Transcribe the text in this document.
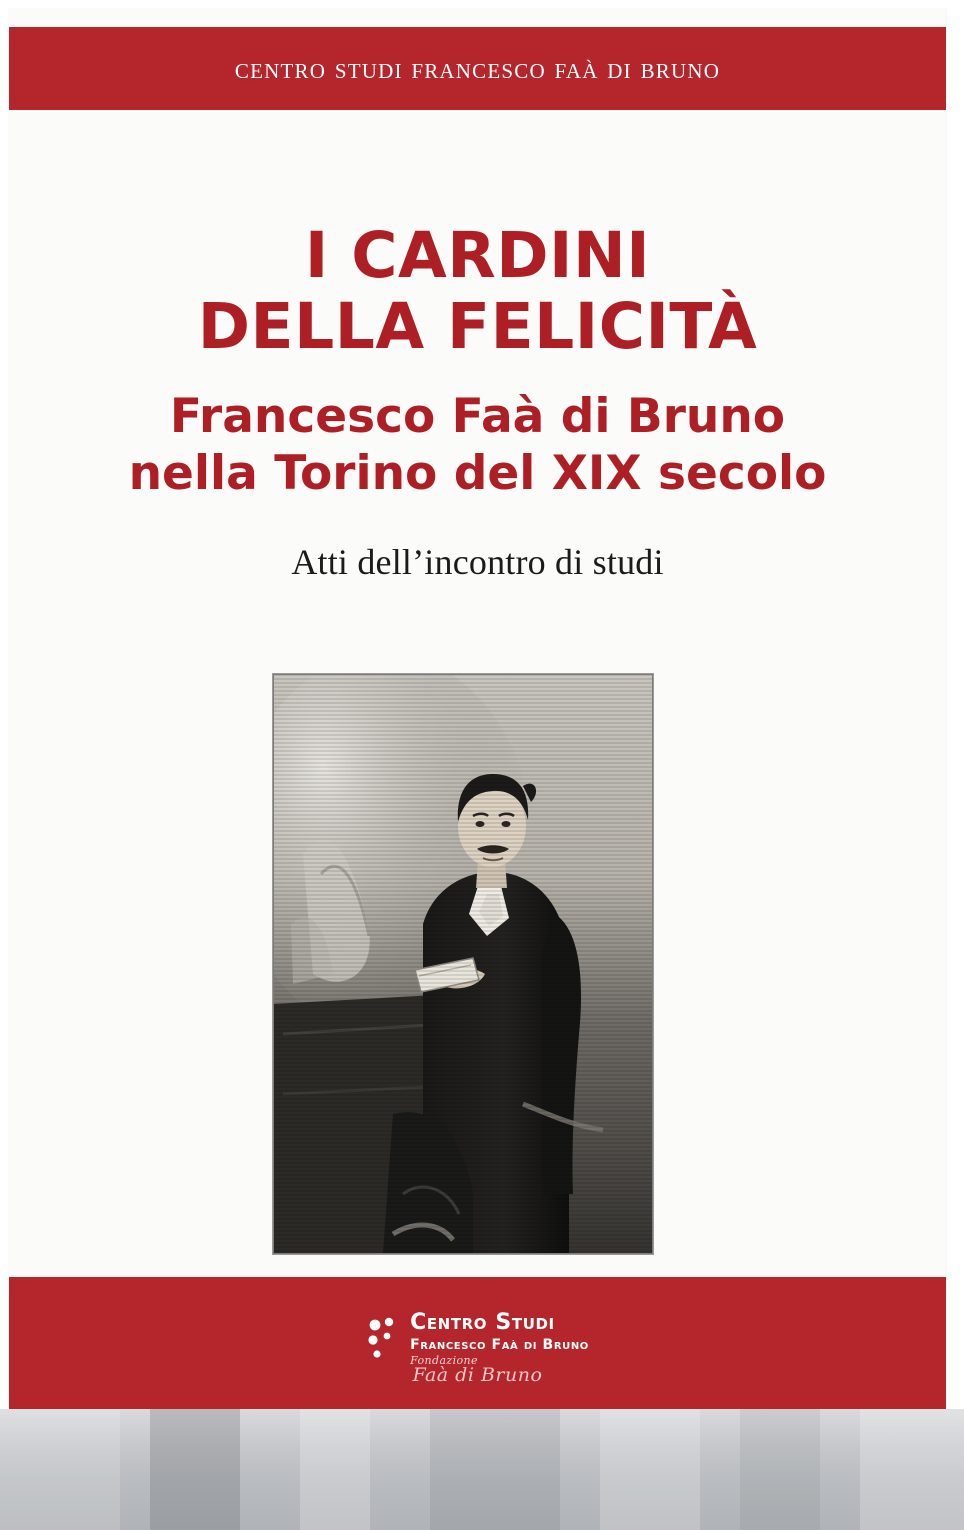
centro studi francesco faà di bruno
I CARDINI
DELLA FELICITÀ
Francesco Faà di Bruno
nella Torino del XIX secolo
Atti dell’incontro di studi
Centro Studi
Francesco Faà di Bruno
Fondazione
Faà di Bruno
